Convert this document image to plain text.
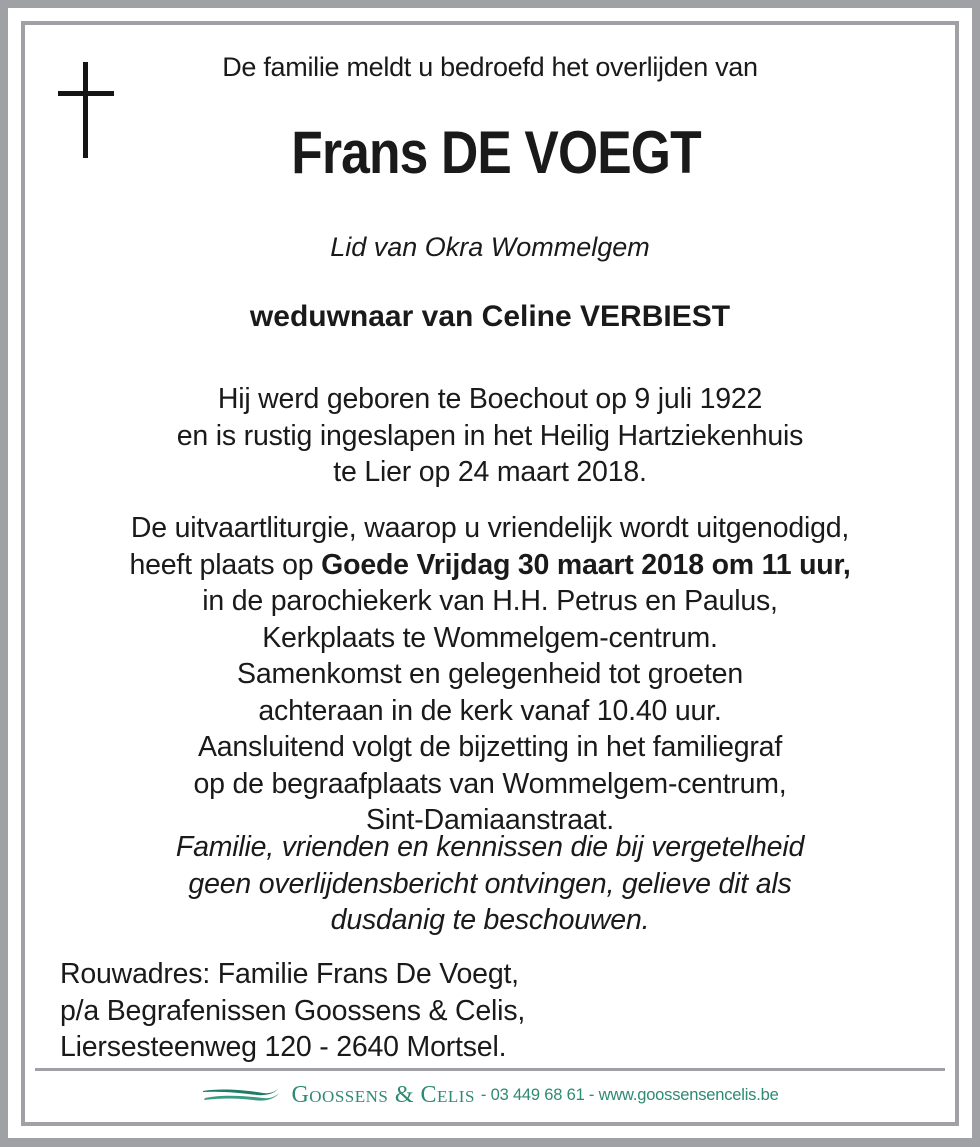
De familie meldt u bedroefd het overlijden van
Frans DE VOEGT
Lid van Okra Wommelgem
weduwnaar van Celine VERBIEST
Hij werd geboren te Boechout op 9 juli 1922
en is rustig ingeslapen in het Heilig Hartziekenhuis
te Lier op 24 maart 2018.
De uitvaartliturgie, waarop u vriendelijk wordt uitgenodigd,
heeft plaats op Goede Vrijdag 30 maart 2018 om 11 uur,
in de parochiekerk van H.H. Petrus en Paulus,
Kerkplaats te Wommelgem-centrum.
Samenkomst en gelegenheid tot groeten
achteraan in de kerk vanaf 10.40 uur.
Aansluitend volgt de bijzetting in het familiegraf
op de begraafplaats van Wommelgem-centrum,
Sint-Damiaanstraat.
Familie, vrienden en kennissen die bij vergetelheid
geen overlijdensbericht ontvingen, gelieve dit als
dusdanig te beschouwen.
Rouwadres: Familie Frans De Voegt,
p/a Begrafenissen Goossens & Celis,
Liersesteenweg 120 - 2640 Mortsel.
Goossens & Celis - 03 449 68 61 - www.goossensencelis.be
